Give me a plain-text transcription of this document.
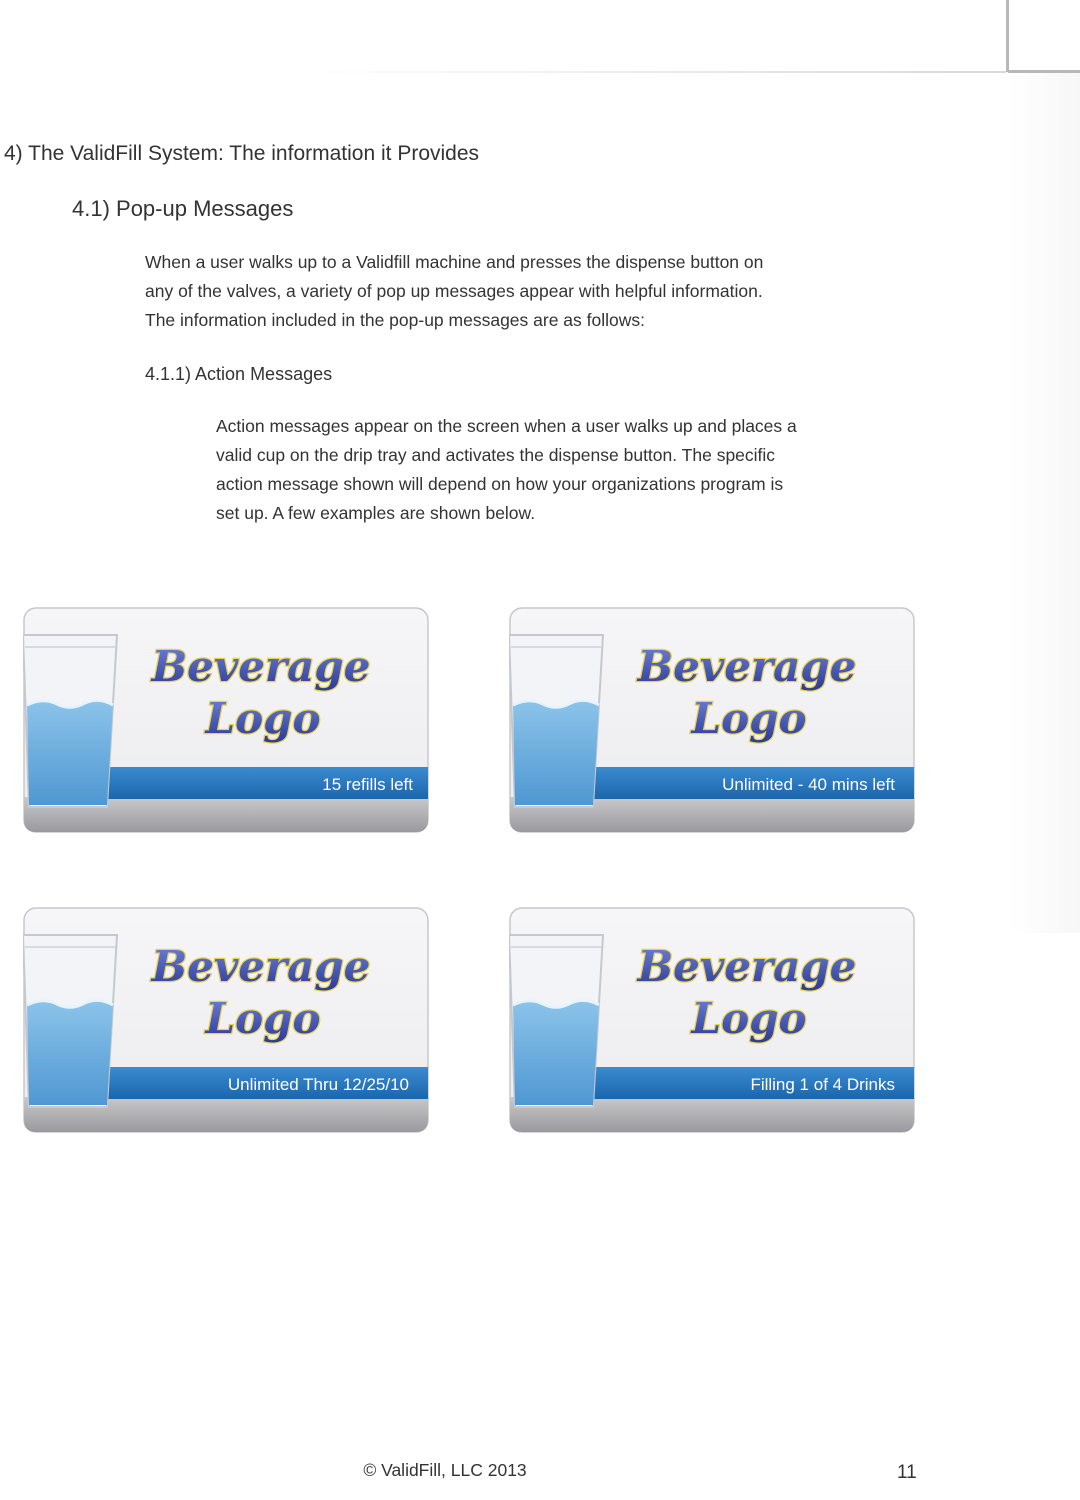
4) The ValidFill System: The information it Provides
4.1) Pop-up Messages
When a user walks up to a Validfill machine and presses the dispense button on
any of the valves, a variety of pop up messages appear with helpful information.
The information included in the pop-up messages are as follows:
4.1.1) Action Messages
Action messages appear on the screen when a user walks up and places a
valid cup on the drip tray and activates the dispense button. The specific
action message shown will depend on how your organizations program is
set up. A few examples are shown below.
Beverage
Logo
15 refills left
Beverage
Logo
Unlimited - 40 mins left
Beverage
Logo
Unlimited Thru 12/25/10
Beverage
Logo
Filling 1 of 4 Drinks
© ValidFill, LLC 2013	11
